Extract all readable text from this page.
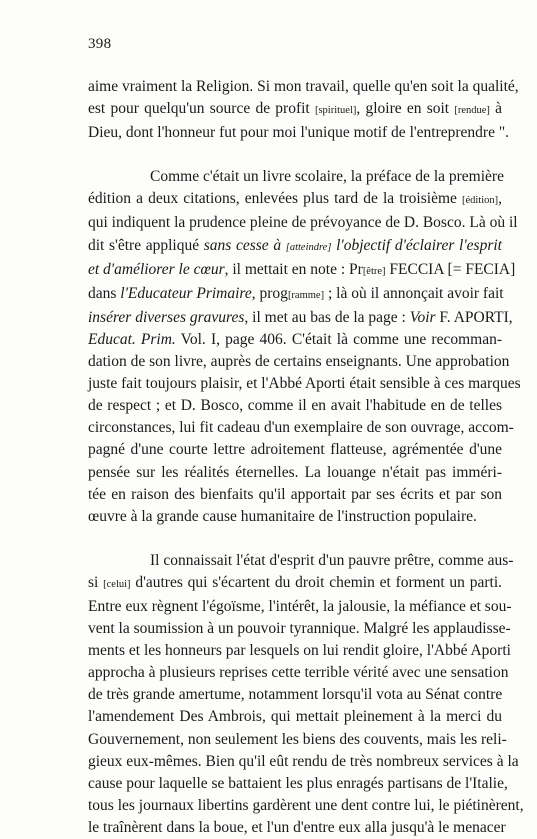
398
aime vraiment la Religion. Si mon travail, quelle qu'en soit la qualité,
est pour quelqu'un source de profit [spirituel], gloire en soit [rendue] à
Dieu, dont l'honneur fut pour moi l'unique motif de l'entreprendre ".
Comme c'était un livre scolaire, la préface de la première
édition a deux citations, enlevées plus tard de la troisième [édition],
qui indiquent la prudence pleine de prévoyance de D. Bosco. Là où il
dit s'être appliqué sans cesse à [atteindre] l'objectif d'éclairer l'esprit
et d'améliorer le cœur, il mettait en note : Pr[être] FECCIA [= FECIA]
dans l'Educateur Primaire, prog[ramme] ; là où il annonçait avoir fait
insérer diverses gravures, il met au bas de la page : Voir F. APORTI,
Educat. Prim. Vol. I, page 406. C'était là comme une recomman-
dation de son livre, auprès de certains enseignants. Une approbation
juste fait toujours plaisir, et l'Abbé Aporti était sensible à ces marques
de respect ; et D. Bosco, comme il en avait l'habitude en de telles
circonstances, lui fit cadeau d'un exemplaire de son ouvrage, accom-
pagné d'une courte lettre adroitement flatteuse, agrémentée d'une
pensée sur les réalités éternelles. La louange n'était pas imméri-
tée en raison des bienfaits qu'il apportait par ses écrits et par son
œuvre à la grande cause humanitaire de l'instruction populaire.
Il connaissait l'état d'esprit d'un pauvre prêtre, comme aus-
si [celui] d'autres qui s'écartent du droit chemin et forment un parti.
Entre eux règnent l'égoïsme, l'intérêt, la jalousie, la méfiance et sou-
vent la soumission à un pouvoir tyrannique. Malgré les applaudisse-
ments et les honneurs par lesquels on lui rendit gloire, l'Abbé Aporti
approcha à plusieurs reprises cette terrible vérité avec une sensation
de très grande amertume, notamment lorsqu'il vota au Sénat contre
l'amendement Des Ambrois, qui mettait pleinement à la merci du
Gouvernement, non seulement les biens des couvents, mais les reli-
gieux eux-mêmes. Bien qu'il eût rendu de très nombreux services à la
cause pour laquelle se battaient les plus enragés partisans de l'Italie,
tous les journaux libertins gardèrent une dent contre lui, le piétinèrent,
le traînèrent dans la boue, et l'un d'entre eux alla jusqu'à le menacer
